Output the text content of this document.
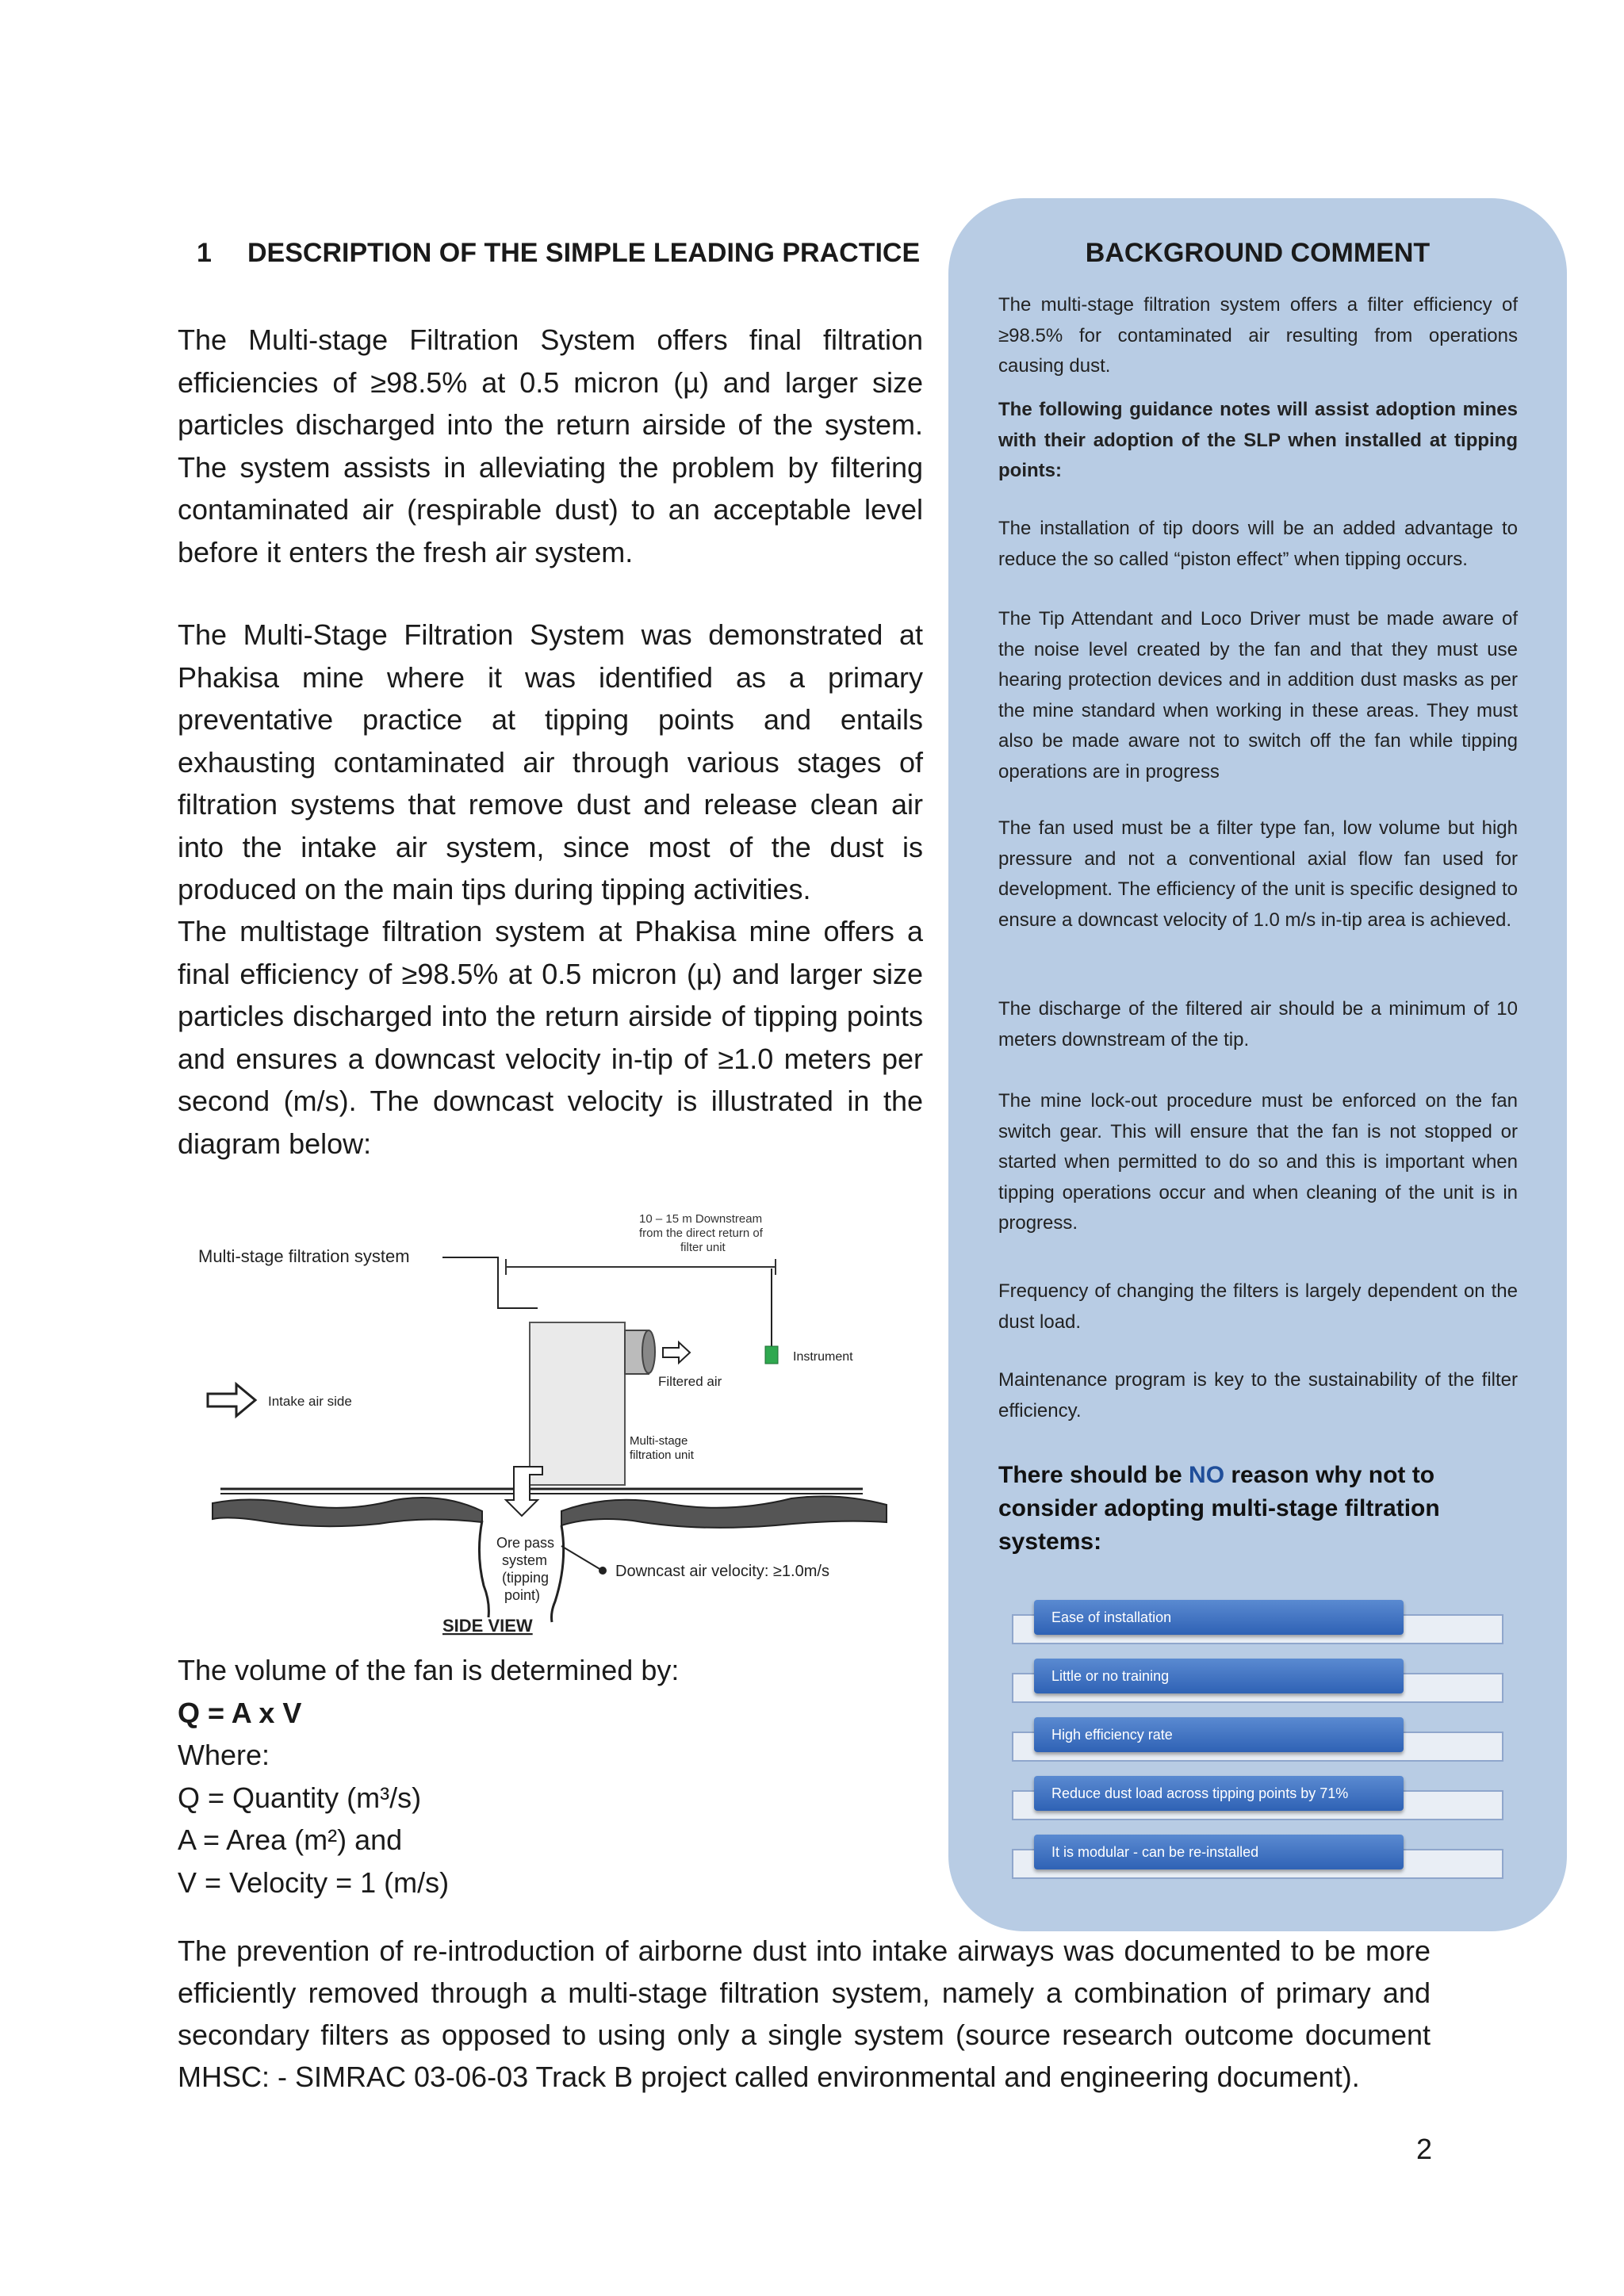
1 DESCRIPTION OF THE SIMPLE LEADING PRACTICE
The Multi-stage Filtration System offers final filtration efficiencies of ≥98.5% at 0.5 micron (µ) and larger size particles discharged into the return airside of the system. The system assists in alleviating the problem by filtering contaminated air (respirable dust) to an acceptable level before it enters the fresh air system.
The Multi-Stage Filtration System was demonstrated at Phakisa mine where it was identified as a primary preventative practice at tipping points and entails exhausting contaminated air through various stages of filtration systems that remove dust and release clean air into the intake air system, since most of the dust is produced on the main tips during tipping activities.
The multistage filtration system at Phakisa mine offers a final efficiency of ≥98.5% at 0.5 micron (µ) and larger size particles discharged into the return airside of tipping points and ensures a downcast velocity in-tip of ≥1.0 meters per second (m/s). The downcast velocity is illustrated in the diagram below:
10 – 15 m Downstream
from the direct return of
filter unit
Multi-stage filtration system
Filtered air
Instrument
Intake air side
Multi-stage
filtration unit
Ore pass
system
(tipping
point)
Downcast air velocity: ≥1.0m/s
SIDE VIEW
The volume of the fan is determined by:
Q = A x V
Where:
Q = Quantity (m³/s)
A = Area (m²) and
V = Velocity = 1 (m/s)
BACKGROUND COMMENT
The multi-stage filtration system offers a filter efficiency of ≥98.5% for contaminated air resulting from operations causing dust.
The following guidance notes will assist adoption mines with their adoption of the SLP when installed at tipping points:
The installation of tip doors will be an added advantage to reduce the so called “piston effect” when tipping occurs.
The Tip Attendant and Loco Driver must be made aware of the noise level created by the fan and that they must use hearing protection devices and in addition dust masks as per the mine standard when working in these areas. They must also be made aware not to switch off the fan while tipping operations are in progress
The fan used must be a filter type fan, low volume but high pressure and not a conventional axial flow fan used for development. The efficiency of the unit is specific designed to ensure a downcast velocity of 1.0 m/s in-tip area is achieved.
The discharge of the filtered air should be a minimum of 10 meters downstream of the tip.
The mine lock-out procedure must be enforced on the fan switch gear. This will ensure that the fan is not stopped or started when permitted to do so and this is important when tipping operations occur and when cleaning of the unit is in progress.
Frequency of changing the filters is largely dependent on the dust load.
Maintenance program is key to the sustainability of the filter efficiency.
There should be NO reason why not to consider adopting multi-stage filtration systems:
Ease of installation
Little or no training
High efficiency rate
Reduce dust load across tipping points by 71%
It is modular - can be re-installed
The prevention of re-introduction of airborne dust into intake airways was documented to be more efficiently removed through a multi-stage filtration system, namely a combination of primary and secondary filters as opposed to using only a single system (source research outcome document MHSC: - SIMRAC 03-06-03 Track B project called environmental and engineering document).
2
